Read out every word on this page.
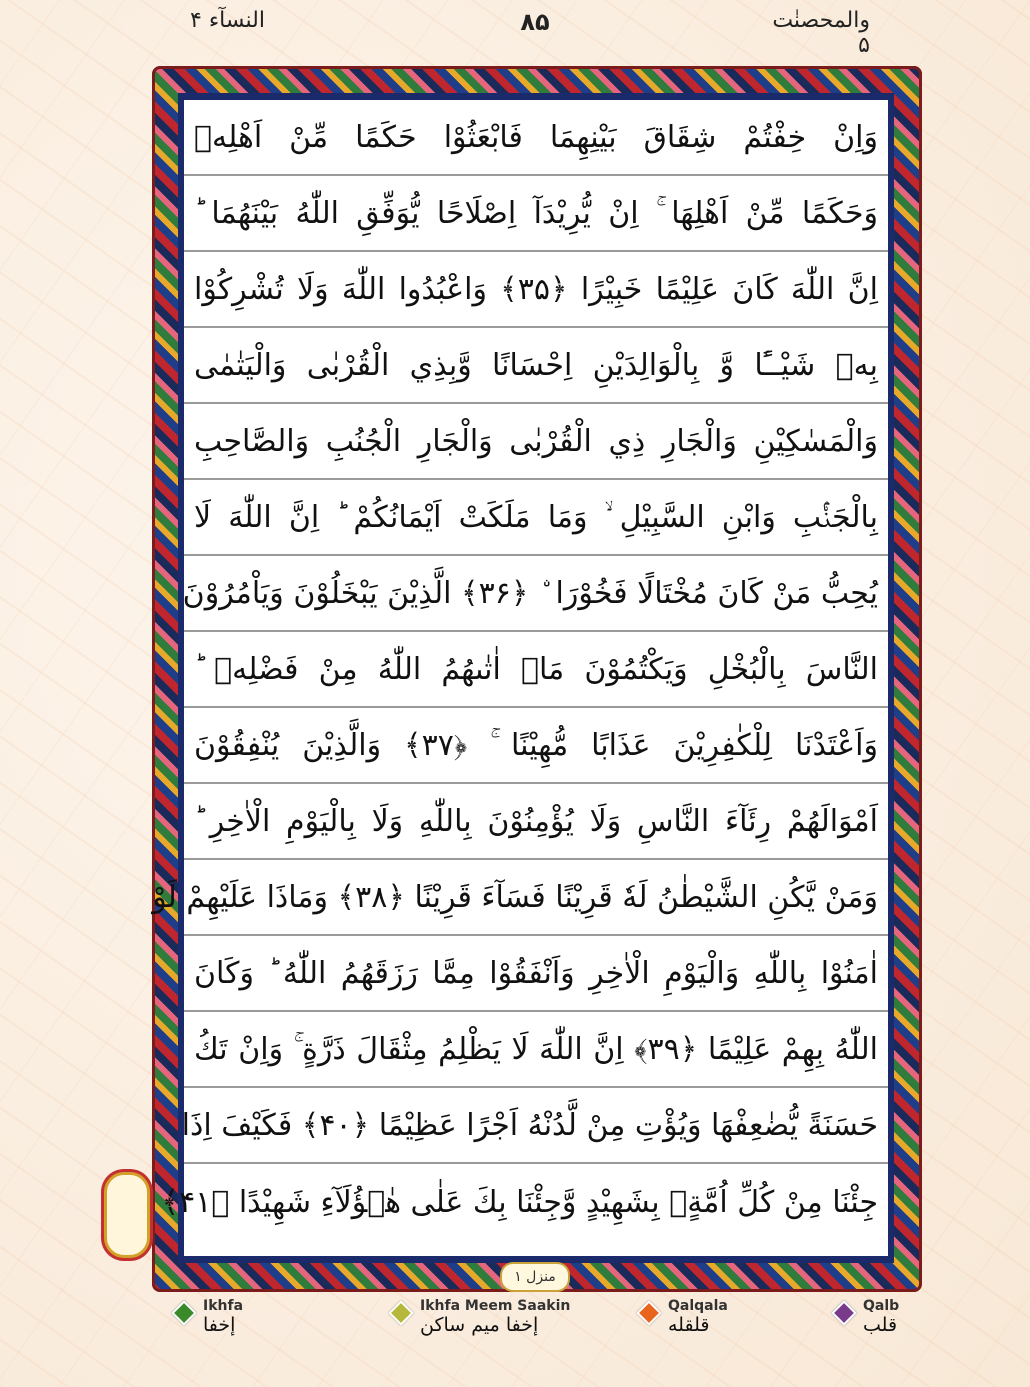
والمحصنٰت ۵
۸۵
النسآء ۴
وَاِنْ خِفْتُمْ شِقَاقَ بَيْنِهِمَا فَابْعَثُوْا حَكَمًا مِّنْ اَهْلِهٖ
وَحَكَمًا مِّنْ اَهْلِهَا ۚ اِنْ يُّرِيْدَآ اِصْلَاحًا يُّوَفِّقِ اللّٰهُ بَيْنَهُمَا ؕ
اِنَّ اللّٰهَ كَانَ عَلِيْمًا خَبِيْرًا ﴿۳۵﴾ وَاعْبُدُوا اللّٰهَ وَلَا تُشْرِكُوْا
بِهٖ شَيْــًٔا وَّ بِالْوَالِدَيْنِ اِحْسَانًا وَّبِذِي الْقُرْبٰى وَالْيَتٰمٰى
وَالْمَسٰكِيْنِ وَالْجَارِ ذِي الْقُرْبٰى وَالْجَارِ الْجُنُبِ وَالصَّاحِبِ
بِالْجَنْۢبِ وَابْنِ السَّبِيْلِ ۙ وَمَا مَلَكَتْ اَيْمَانُكُمْ ؕ اِنَّ اللّٰهَ لَا
يُحِبُّ مَنْ كَانَ مُخْتَالًا فَخُوْرَا ۨ ﴿۳۶﴾ الَّذِيْنَ يَبْخَلُوْنَ وَيَاْمُرُوْنَ
النَّاسَ بِالْبُخْلِ وَيَكْتُمُوْنَ مَاۤ اٰتٰىهُمُ اللّٰهُ مِنْ فَضْلِهٖ ؕ
وَاَعْتَدْنَا لِلْكٰفِرِيْنَ عَذَابًا مُّهِيْنًا ۚ ﴿۳۷﴾ وَالَّذِيْنَ يُنْفِقُوْنَ
اَمْوَالَهُمْ رِئَآءَ النَّاسِ وَلَا يُؤْمِنُوْنَ بِاللّٰهِ وَلَا بِالْيَوْمِ الْاٰخِرِ ؕ
وَمَنْ يَّكُنِ الشَّيْطٰنُ لَهٗ قَرِيْنًا فَسَآءَ قَرِيْنًا ﴿۳۸﴾ وَمَاذَا عَلَيْهِمْ لَوْ
اٰمَنُوْا بِاللّٰهِ وَالْيَوْمِ الْاٰخِرِ وَاَنْفَقُوْا مِمَّا رَزَقَهُمُ اللّٰهُ ؕ وَكَانَ
اللّٰهُ بِهِمْ عَلِيْمًا ﴿۳۹﴾ اِنَّ اللّٰهَ لَا يَظْلِمُ مِثْقَالَ ذَرَّةٍ ۚ وَاِنْ تَكُ
حَسَنَةً يُّضٰعِفْهَا وَيُؤْتِ مِنْ لَّدُنْهُ اَجْرًا عَظِيْمًا ﴿۴۰﴾ فَكَيْفَ اِذَا
جِئْنَا مِنْ كُلِّ اُمَّةٍۭ بِشَهِيْدٍ وَّجِئْنَا بِكَ عَلٰى هٰۤؤُلَآءِ شَهِيْدًا ﴿۴۱﴾
منزل ۱
Ikhfa
إخفا
Ikhfa Meem Saakin
إخفا ميم ساكن
Qalqala
قلقله
Qalb
قلب
